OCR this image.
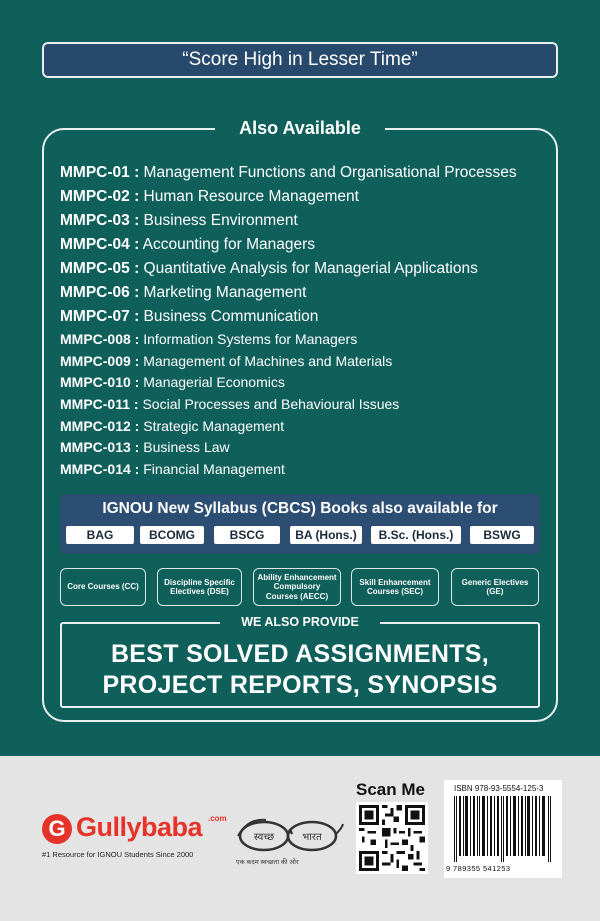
“Score High in Lesser Time”
Also Available
MMPC-01 : Management Functions and Organisational Processes
MMPC-02 : Human Resource Management
MMPC-03 : Business Environment
MMPC-04 : Accounting for Managers
MMPC-05 : Quantitative Analysis for Managerial Applications
MMPC-06 : Marketing Management
MMPC-07 : Business Communication
MMPC-008 : Information Systems for Managers
MMPC-009 : Management of Machines and Materials
MMPC-010 : Managerial Economics
MMPC-011 : Social Processes and Behavioural Issues
MMPC-012 : Strategic Management
MMPC-013 : Business Law
MMPC-014 : Financial Management
IGNOU New Syllabus (CBCS) Books also available for
BAG	BCOMG	BSCG	BA (Hons.)	B.Sc. (Hons.)	BSWG
Core Courses (CC)
Discipline Specific Electives (DSE)
Ability Enhancement Compulsory Courses (AECC)
Skill Enhancement Courses (SEC)
Generic Electives (GE)
WE ALSO PROVIDE
BEST SOLVED ASSIGNMENTS,
PROJECT REPORTS, SYNOPSIS
G Gullybaba .com
#1 Resource for IGNOU Students Since 2000
स्वच्छ	भारत
एक कदम स्वच्छता की ओर
Scan Me	ISBN 978-93-5554-125-3
9 789355 541253
